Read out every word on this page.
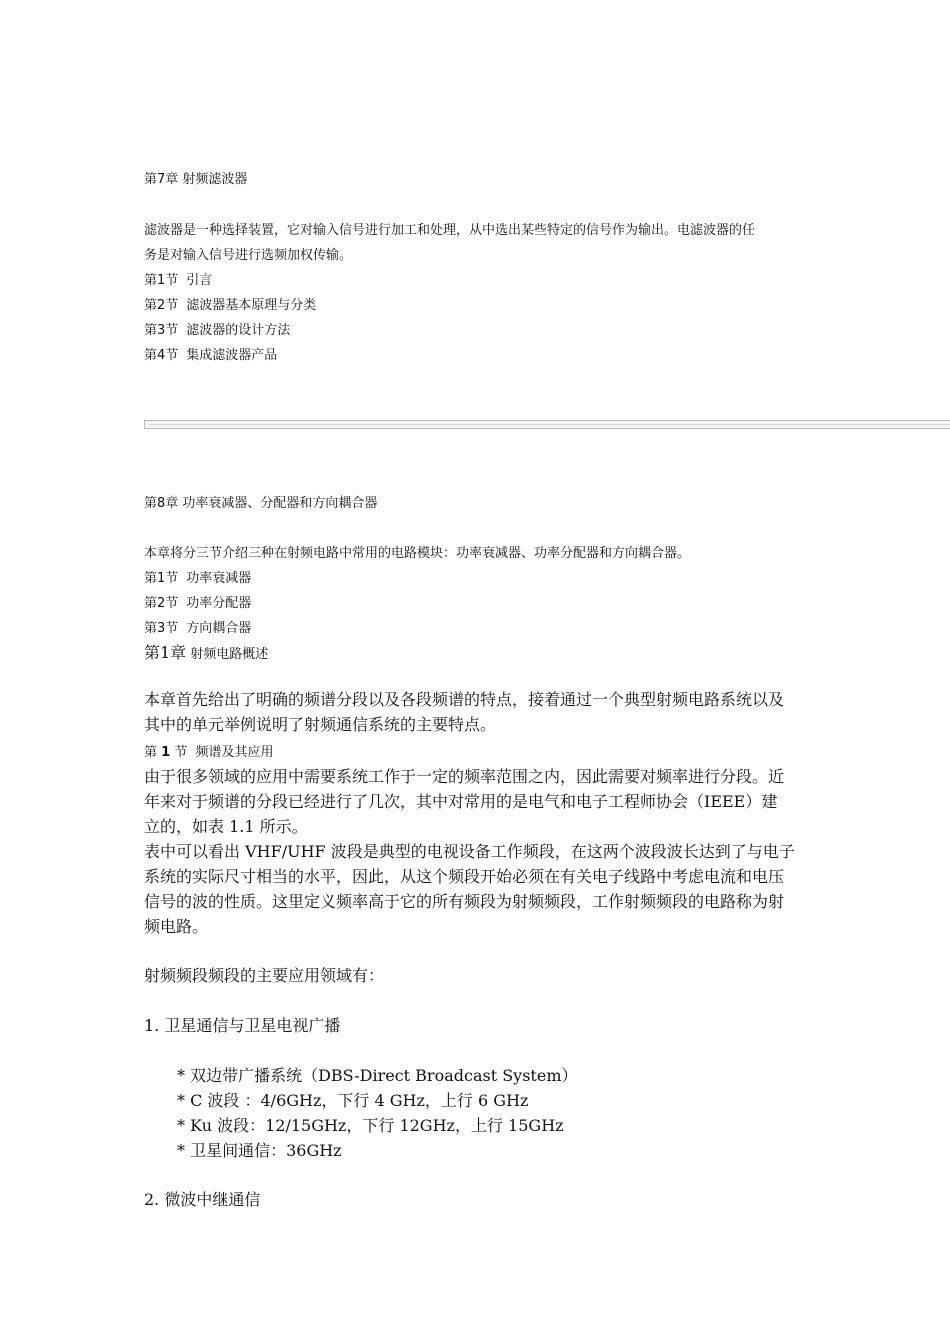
第7章 射频滤波器
滤波器是一种选择装置，它对输入信号进行加工和处理，从中选出某些特定的信号作为输出。电滤波器的任
务是对输入信号进行选频加权传输。
第1节 引言
第2节 滤波器基本原理与分类
第3节 滤波器的设计方法
第4节 集成滤波器产品
第8章 功率衰减器、分配器和方向耦合器
本章将分三节介绍三种在射频电路中常用的电路模块：功率衰减器、功率分配器和方向耦合器。
第1节 功率衰减器
第2节 功率分配器
第3节 方向耦合器
第1章 射频电路概述
本章首先给出了明确的频谱分段以及各段频谱的特点，接着通过一个典型射频电路系统以及
其中的单元举例说明了射频通信系统的主要特点。
第 1 节 频谱及其应用
由于很多领域的应用中需要系统工作于一定的频率范围之内，因此需要对频率进行分段。近
年来对于频谱的分段已经进行了几次，其中对常用的是电气和电子工程师协会（IEEE）建
立的，如表 1.1 所示。
表中可以看出 VHF/UHF 波段是典型的电视设备工作频段，在这两个波段波长达到了与电子
系统的实际尺寸相当的水平，因此，从这个频段开始必须在有关电子线路中考虑电流和电压
信号的波的性质。这里定义频率高于它的所有频段为射频频段，工作射频频段的电路称为射
频电路。
射频频段频段的主要应用领域有：
1. 卫星通信与卫星电视广播
* 双边带广播系统（DBS-Direct Broadcast System）
* C 波段 ：4/6GHz，下行 4 GHz，上行 6 GHz
* Ku 波段：12/15GHz，下行 12GHz，上行 15GHz
* 卫星间通信：36GHz
2. 微波中继通信
